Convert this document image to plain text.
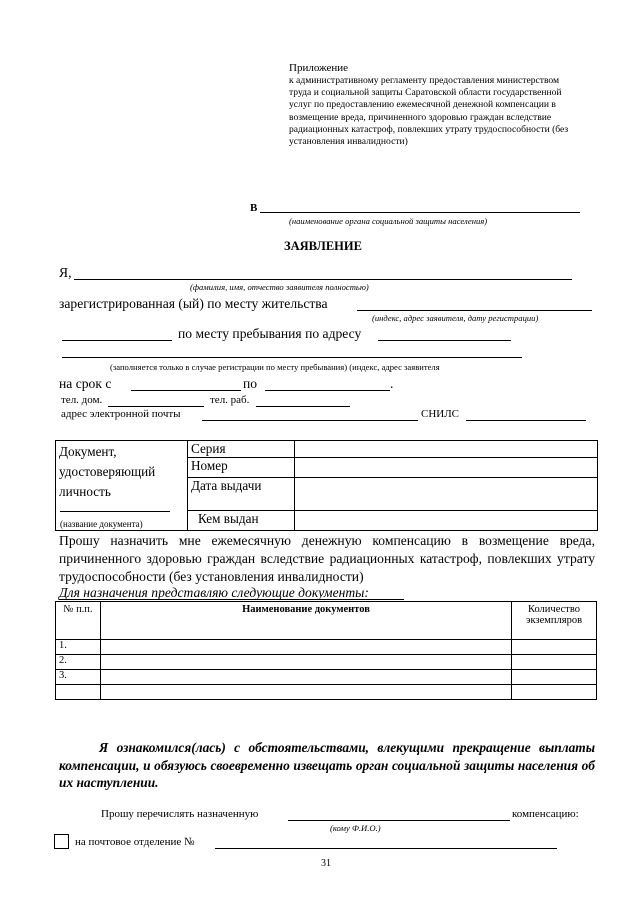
Приложение
к административному регламенту предоставления министерством труда и социальной защиты Саратовской области государственной услуг по предоставлению ежемесячной денежной компенсации в возмещение вреда, причиненного здоровью граждан вследствие радиационных катастроф, повлекших утрату трудоспособности (без установления инвалидности)
В
(наименование органа социальной защиты населения)
ЗАЯВЛЕНИЕ
Я,
(фамилия, имя, отчество заявителя полностью)
зарегистрированная (ый) по месту жительства
(индекс, адрес заявителя, дату регистрации)
по месту пребывания по адресу
(заполняется только в случае регистрации по месту пребывания) (индекс, адрес заявителя
на срок с	по	.
тел. дом.	тел. раб.
адрес электронной почты	СНИЛС
Документ,
удостоверяющий
личность
(название документа)	Серия	
	Номер	
	Дата выдачи	
	Кем выдан	
Прошу назначить мне ежемесячную денежную компенсацию в возмещение вреда, причиненного здоровью граждан вследствие радиационных катастроф, повлекших утрату трудоспособности (без установления инвалидности)
Для назначения представляю следующие документы:
№ п.п.	Наименование документов	Количество экземпляров
1.		
2.		
3.		

Я ознакомился(лась) с обстоятельствами, влекущими прекращение выплаты компенсации, и обязуюсь своевременно извещать орган социальной защиты населения об их наступлении.
Прошу перечислять назначенную	компенсацию:
(кому Ф.И.О.)
на почтовое отделение №
31
